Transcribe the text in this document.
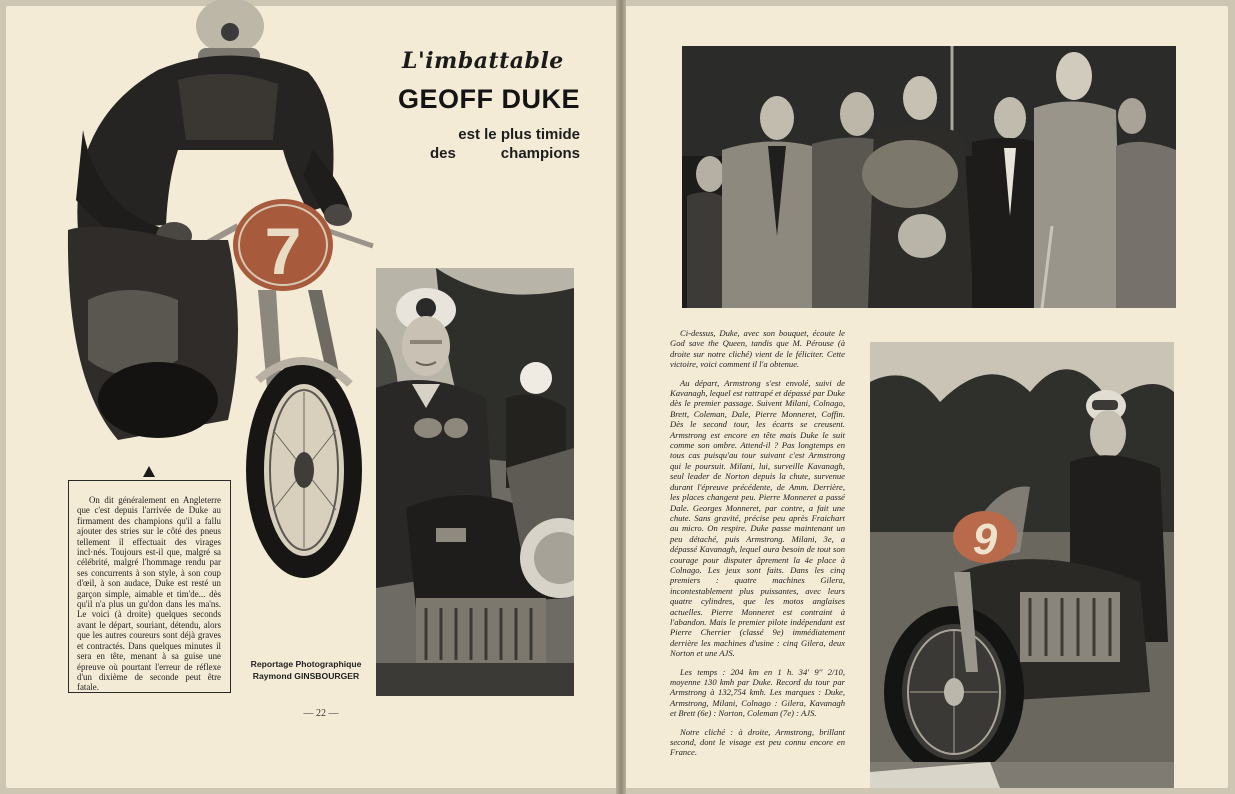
7
L'imbattable
GEOFF DUKE
est le plus timide
des champions
On dit généralement en Angleterre que c'est depuis l'arrivée de Duke au firmament des champions qu'il a fallu ajouter des stries sur le côté des pneus tellement il effectuait des virages incl·nés. Toujours est-il que, malgré sa célébrité, malgré l'hommage rendu par ses concurrents à son style, à son coup d'œil, à son audace, Duke est resté un garçon simple, aimable et tim'de... dès qu'il n'a plus un gu'don dans les ma'ns. Le voici (à droite) quelques seconds avant le départ, souriant, détendu, alors que les autres coureurs sont déjà graves et contractés. Dans quelques minutes il sera en tête, menant à sa guise une épreuve où pourtant l'erreur de réflexe d'un dixième de seconde peut être fatale.
Reportage Photographique
Raymond GINSBOURGER
— 22 —

Ci-dessus, Duke, avec son bouquet, écoute le God save the Queen, tandis que M. Pérouse (à droite sur notre cliché) vient de le féliciter. Cette victoire, voici comment il l'a obtenue.

Au départ, Armstrong s'est envolé, suivi de Kavanagh, lequel est rattrapé et dépassé par Duke dès le premier passage. Suivent Milani, Colnago, Brett, Coleman, Dale, Pierre Monneret, Coffin. Dès le second tour, les écarts se creusent. Armstrong est encore en tête mais Duke le suit comme son ombre. Attend-il ? Pas longtemps en tous cas puisqu'au tour suivant c'est Armstrong qui le poursuit. Milani, lui, surveille Kavanagh, seul leader de Norton depuis la chute, survenue durant l'épreuve précédente, de Amm. Derrière, les places changent peu. Pierre Monneret a passé Dale. Georges Monneret, par contre, a fait une chute. Sans gravité, précise peu après Fraichart au micro. On respire. Duke passe maintenant un peu détaché, puis Armstrong. Milani, 3e, a dépassé Kavanagh, lequel aura besoin de tout son courage pour disputer âprement la 4e place à Colnago. Les jeux sont faits. Dans les cinq premiers : quatre machines Gilera, incontestablement plus puissantes, avec leurs quatre cylindres, que les motos anglaises actuelles. Pierre Monneret est contraint à l'abandon. Mais le premier pilote indépendant est Pierre Cherrier (classé 9e) immédiatement derrière les machines d'usine : cinq Gilera, deux Norton et une AJS.

Les temps : 204 km en 1 h. 34' 9'' 2/10, moyenne 130 kmh par Duke. Record du tour par Armstrong à 132,754 kmh. Les marques : Duke, Armstrong, Milani, Colnago : Gilera, Kavanagh et Brett (6e) : Norton, Coleman (7e) : AJS.

Notre cliché : à droite, Armstrong, brillant second, dont le visage est peu connu encore en France.

9
